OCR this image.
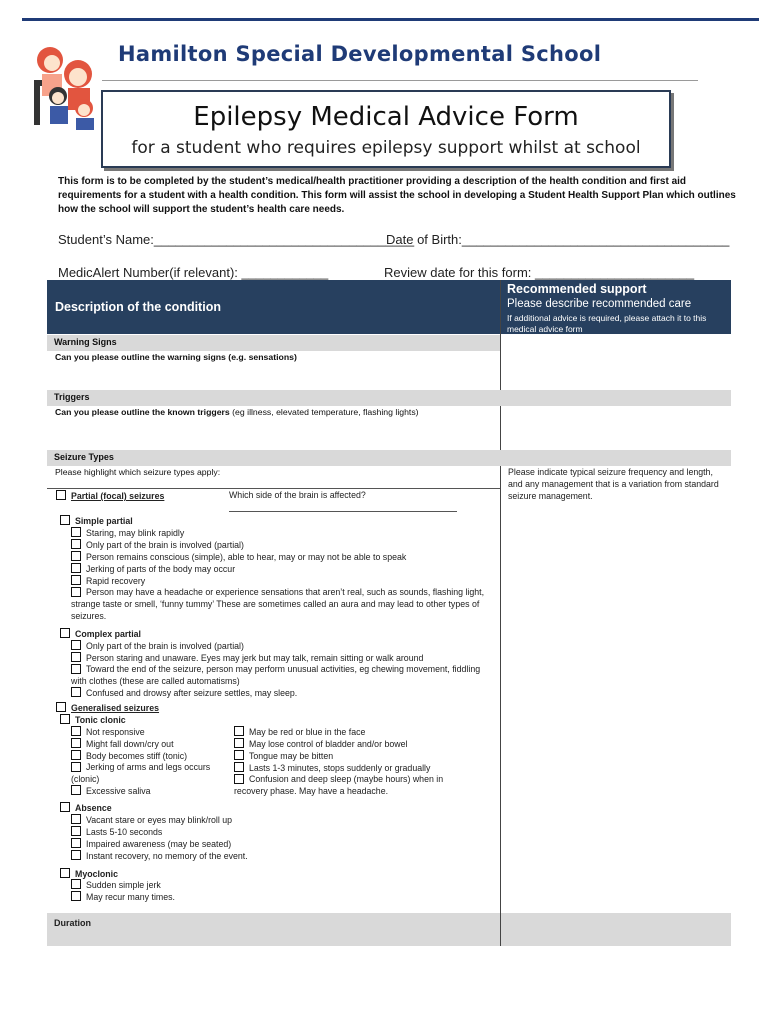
Hamilton Special Developmental School
Epilepsy Medical Advice Form
for a student who requires epilepsy support whilst at school
This form is to be completed by the student’s medical/health practitioner providing a description of the health condition and first aid requirements for a student with a health condition. This form will assist the school in developing a Student Health Support Plan which outlines how the school will support the student’s health care needs.
Student’s Name:____________________________________
Date of Birth:_____________________________________
MedicAlert Number(if relevant): ____________	Review date for this form: ______________________
Description of the condition
Recommended support
Please describe recommended care
If additional advice is required, please attach it to this medical advice form
Warning Signs
Can you please outline the warning signs (e.g. sensations)
Triggers
Can you please outline the known triggers (eg illness, elevated temperature, flashing lights)
Seizure Types
Please highlight which seizure types apply:	Please indicate typical seizure frequency and length, and any management that is a variation from standard seizure management.
Partial (focal) seizures	Which side of the brain is affected?
Simple partial
Staring, may blink rapidly
Only part of the brain is involved (partial)
Person remains conscious (simple), able to hear, may or may not be able to speak
Jerking of parts of the body may occur
Rapid recovery
Person may have a headache or experience sensations that aren’t real, such as sounds, flashing light, strange taste or smell, ‘funny tummy’ These are sometimes called an aura and may lead to other types of seizures.
Complex partial
Only part of the brain is involved (partial)
Person staring and unaware. Eyes may jerk but may talk, remain sitting or walk around
Toward the end of the seizure, person may perform unusual activities, eg chewing movement, fiddling with clothes (these are called automatisms)
Confused and drowsy after seizure settles, may sleep.
Generalised seizures
Tonic clonic
Not responsive
Might fall down/cry out
Body becomes stiff (tonic)
Jerking of arms and legs occurs (clonic)
Excessive saliva
May be red or blue in the face
May lose control of bladder and/or bowel
Tongue may be bitten
Lasts 1-3 minutes, stops suddenly or gradually
Confusion and deep sleep (maybe hours) when in recovery phase. May have a headache.
Absence
Vacant stare or eyes may blink/roll up
Lasts 5-10 seconds
Impaired awareness (may be seated)
Instant recovery, no memory of the event.
Myoclonic
Sudden simple jerk
May recur many times.
Duration
